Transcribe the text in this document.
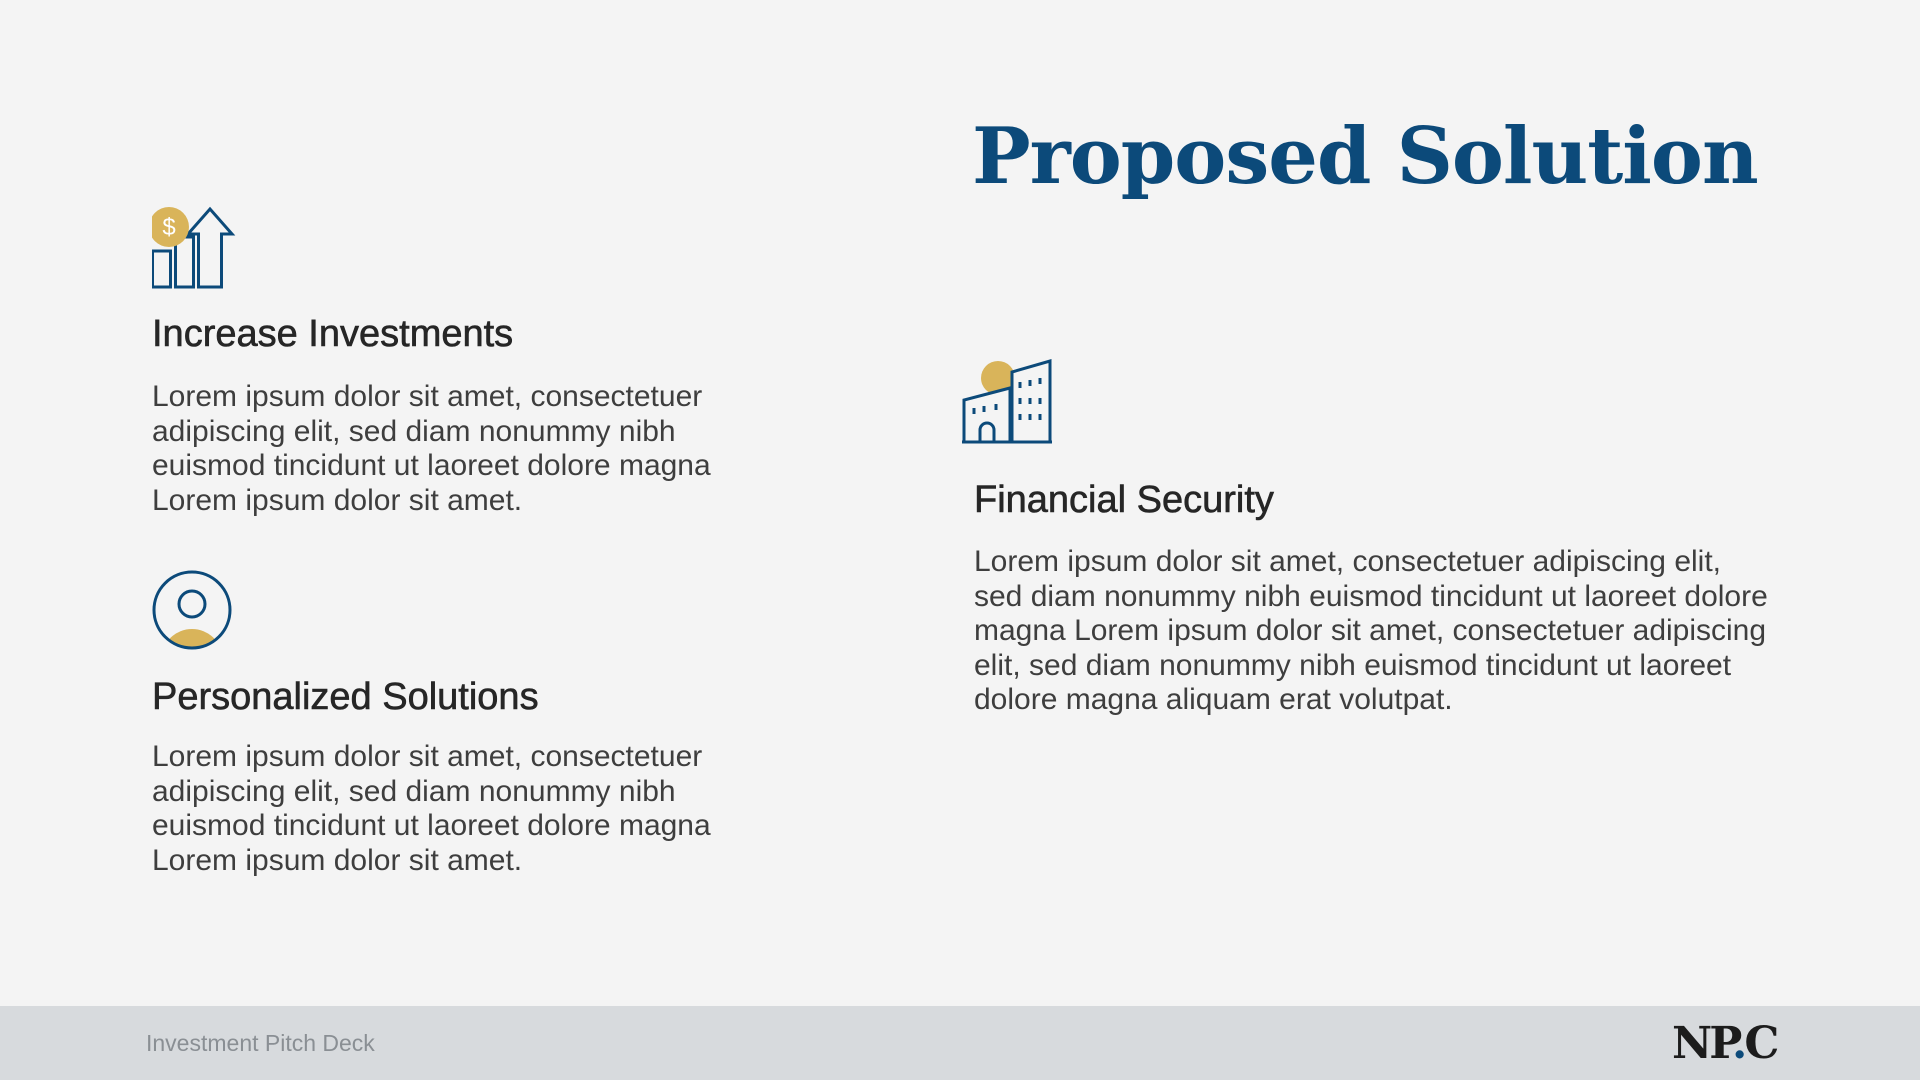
Proposed Solution
$
Increase Investments

Lorem ipsum dolor sit amet, consectetuer adipiscing elit, sed diam nonummy nibh euismod tincidunt ut laoreet dolore magna Lorem ipsum dolor sit amet.

Personalized Solutions

Lorem ipsum dolor sit amet, consectetuer adipiscing elit, sed diam nonummy nibh euismod tincidunt ut laoreet dolore magna Lorem ipsum dolor sit amet.

Financial Security

Lorem ipsum dolor sit amet, consectetuer adipiscing elit, sed diam nonummy nibh euismod tincidunt ut laoreet dolore magna Lorem ipsum dolor sit amet, consectetuer adipiscing elit, sed diam nonummy nibh euismod tincidunt ut laoreet dolore magna aliquam erat volutpat.

Investment Pitch Deck	NP.C
